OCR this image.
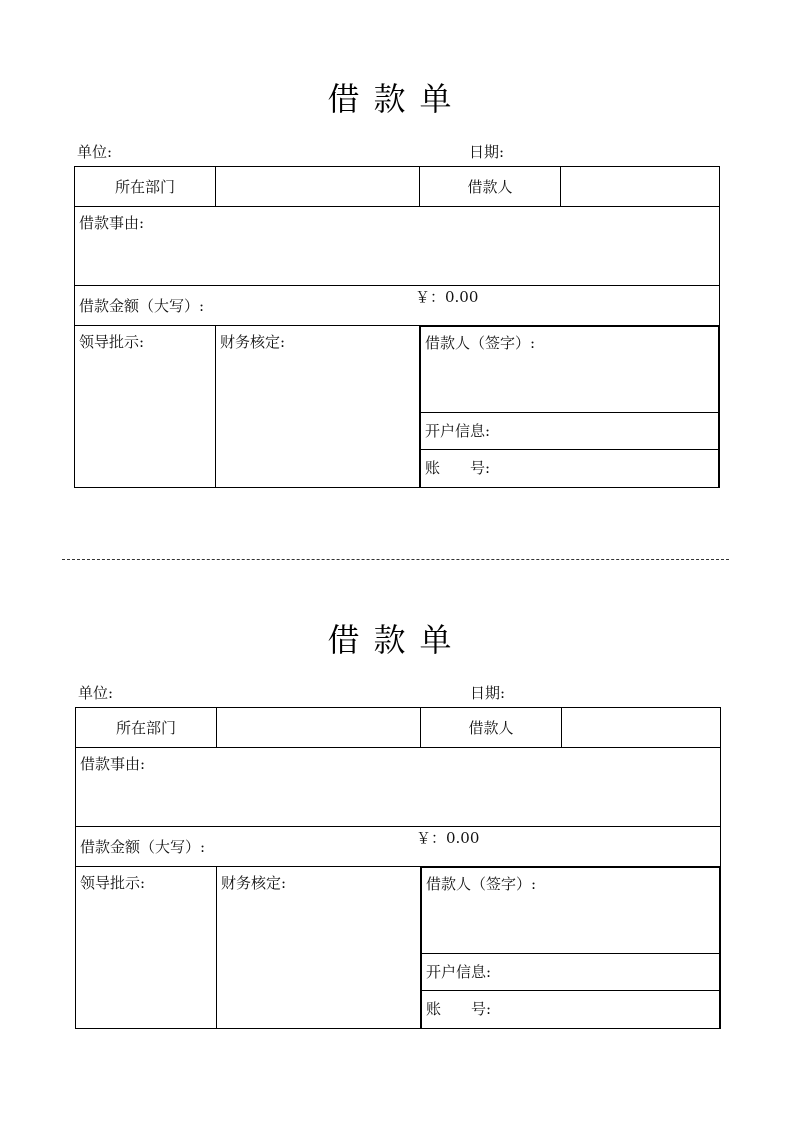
借款单
单位:	日期:
所在部门		借款人	
借款事由:

借款金额（大写）:	￥：0.00

领导批示:	财务核定:		借款人（签字）:
开户信息:
账　　号:
借款单
单位:	日期:
所在部门		借款人	
借款事由:

借款金额（大写）:	￥：0.00

领导批示:	财务核定:		借款人（签字）:
开户信息:
账　　号:
